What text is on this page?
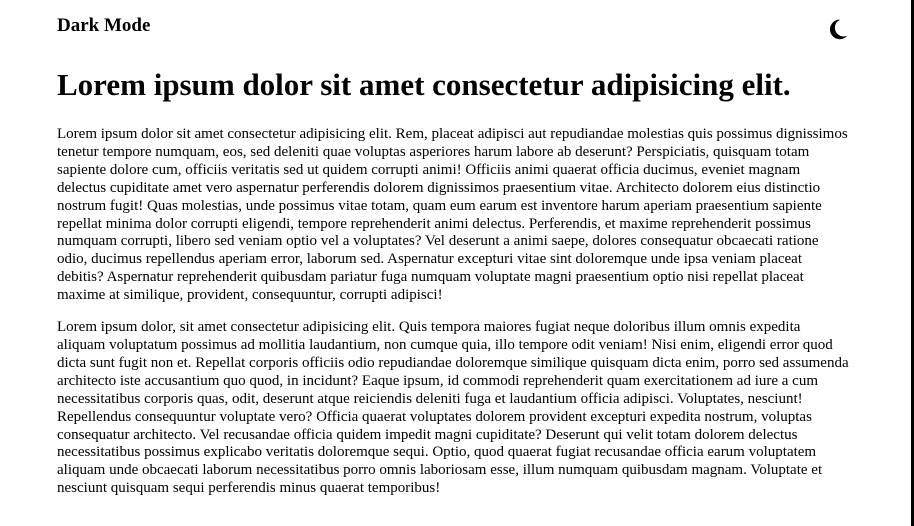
Dark Mode
Lorem ipsum dolor sit amet consectetur adipisicing elit.

Lorem ipsum dolor sit amet consectetur adipisicing elit. Rem, placeat adipisci aut repudiandae molestias quis possimus dignissimos tenetur tempore numquam, eos, sed deleniti quae voluptas asperiores harum labore ab deserunt? Perspiciatis, quisquam totam sapiente dolore cum, officiis veritatis sed ut quidem corrupti animi! Officiis animi quaerat officia ducimus, eveniet magnam delectus cupiditate amet vero aspernatur perferendis dolorem dignissimos praesentium vitae. Architecto dolorem eius distinctio nostrum fugit! Quas molestias, unde possimus vitae totam, quam eum earum est inventore harum aperiam praesentium sapiente repellat minima dolor corrupti eligendi, tempore reprehenderit animi delectus. Perferendis, et maxime reprehenderit possimus numquam corrupti, libero sed veniam optio vel a voluptates? Vel deserunt a animi saepe, dolores consequatur obcaecati ratione odio, ducimus repellendus aperiam error, laborum sed. Aspernatur excepturi vitae sint doloremque unde ipsa veniam placeat debitis? Aspernatur reprehenderit quibusdam pariatur fuga numquam voluptate magni praesentium optio nisi repellat placeat maxime at similique, provident, consequuntur, corrupti adipisci!

Lorem ipsum dolor, sit amet consectetur adipisicing elit. Quis tempora maiores fugiat neque doloribus illum omnis expedita aliquam voluptatum possimus ad mollitia laudantium, non cumque quia, illo tempore odit veniam! Nisi enim, eligendi error quod dicta sunt fugit non et. Repellat corporis officiis odio repudiandae doloremque similique quisquam dicta enim, porro sed assumenda architecto iste accusantium quo quod, in incidunt? Eaque ipsum, id commodi reprehenderit quam exercitationem ad iure a cum necessitatibus corporis quas, odit, deserunt atque reiciendis deleniti fuga et laudantium officia adipisci. Voluptates, nesciunt! Repellendus consequuntur voluptate vero? Officia quaerat voluptates dolorem provident excepturi expedita nostrum, voluptas consequatur architecto. Vel recusandae officia quidem impedit magni cupiditate? Deserunt qui velit totam dolorem delectus necessitatibus possimus explicabo veritatis doloremque sequi. Optio, quod quaerat fugiat recusandae officia earum voluptatem aliquam unde obcaecati laborum necessitatibus porro omnis laboriosam esse, illum numquam quibusdam magnam. Voluptate et nesciunt quisquam sequi perferendis minus quaerat temporibus!
